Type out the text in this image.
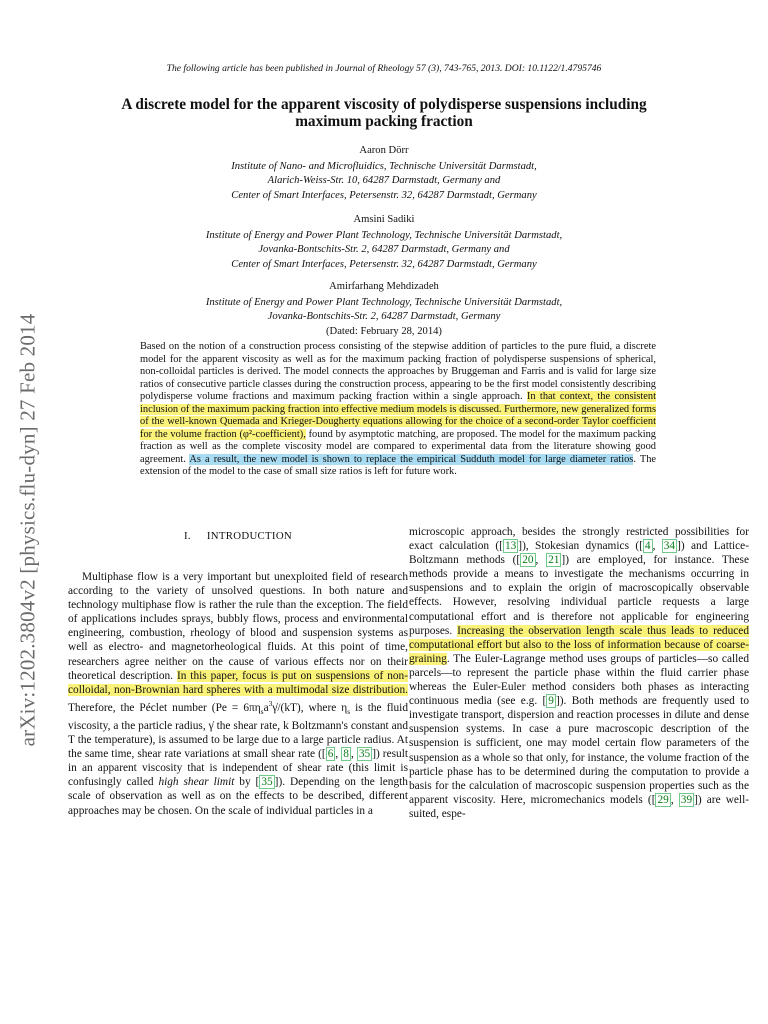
arXiv:1202.3804v2 [physics.flu-dyn] 27 Feb 2014
The following article has been published in Journal of Rheology 57 (3), 743-765, 2013. DOI: 10.1122/1.4795746
A discrete model for the apparent viscosity of polydisperse suspensions including
maximum packing fraction
Aaron Dörr
Institute of Nano- and Microfluidics, Technische Universität Darmstadt,
Alarich-Weiss-Str. 10, 64287 Darmstadt, Germany and
Center of Smart Interfaces, Petersenstr. 32, 64287 Darmstadt, Germany
Amsini Sadiki
Institute of Energy and Power Plant Technology, Technische Universität Darmstadt,
Jovanka-Bontschits-Str. 2, 64287 Darmstadt, Germany and
Center of Smart Interfaces, Petersenstr. 32, 64287 Darmstadt, Germany
Amirfarhang Mehdizadeh
Institute of Energy and Power Plant Technology, Technische Universität Darmstadt,
Jovanka-Bontschits-Str. 2, 64287 Darmstadt, Germany
(Dated: February 28, 2014)
Based on the notion of a construction process consisting of the stepwise addition of particles to the pure fluid, a discrete model for the apparent viscosity as well as for the maximum packing fraction of polydisperse suspensions of spherical, non-colloidal particles is derived. The model connects the approaches by Bruggeman and Farris and is valid for large size ratios of consecutive particle classes during the construction process, appearing to be the first model consistently describing polydisperse volume fractions and maximum packing fraction within a single approach. In that context, the consistent inclusion of the maximum packing fraction into effective medium models is discussed. Furthermore, new generalized forms of the well-known Quemada and Krieger-Dougherty equations allowing for the choice of a second-order Taylor coefficient for the volume fraction (φ²-coefficient), found by asymptotic matching, are proposed. The model for the maximum packing fraction as well as the complete viscosity model are compared to experimental data from the literature showing good agreement. As a result, the new model is shown to replace the empirical Sudduth model for large diameter ratios. The extension of the model to the case of small size ratios is left for future work.
I. INTRODUCTION

Multiphase flow is a very important but unexploited field of research according to the variety of unsolved questions. In both nature and technology multiphase flow is rather the rule than the exception. The field of applications includes sprays, bubbly flows, process and environmental engineering, combustion, rheology of blood and suspension systems as well as electro- and magnetorheological fluids. At this point of time, researchers agree neither on the cause of various effects nor on their theoretical description. In this paper, focus is put on suspensions of non-colloidal, non-Brownian hard spheres with a multimodal size distribution. Therefore, the Péclet number ($Pe = 6\pi\eta_sa^3\gammȧ/(kT)$, where $\eta_s$ is the fluid viscosity, a the particle radius, γ̇ the shear rate, k Boltzmann's constant and T the temperature), is assumed to be large due to a large particle radius. At the same time, shear rate variations at small shear rate ([ 6 , 8 , 35 ]) result in an apparent viscosity that is independent of shear rate (this limit is confusingly called high shear limit by [ 35 ]). Depending on the length scale of observation as well as on the effects to be described, different approaches may be chosen. On the scale of individual particles in a

microscopic approach, besides the strongly restricted possibilities for exact calculation ([ 13 ]), Stokesian dynamics ([ 4 , 34 ]) and Lattice-Boltzmann methods ([ 20 , 21 ]) are employed, for instance. These methods provide a means to investigate the mechanisms occurring in suspensions and to explain the origin of macroscopically observable effects. However, resolving individual particle requests a large computational effort and is therefore not applicable for engineering purposes. Increasing the observation length scale thus leads to reduced computational effort but also to the loss of information because of coarse-graining. The Euler-Lagrange method uses groups of particles—so called parcels—to represent the particle phase within the fluid carrier phase whereas the Euler-Euler method considers both phases as interacting continuous media (see e.g. [ 9 ]). Both methods are frequently used to investigate transport, dispersion and reaction processes in dilute and dense suspension systems. In case a pure macroscopic description of the suspension is sufficient, one may model certain flow parameters of the suspension as a whole so that only, for instance, the volume fraction of the particle phase has to be determined during the computation to provide a basis for the calculation of macroscopic suspension properties such as the apparent viscosity. Here, micromechanics models ([ 29 , 39 ]) are well-suited, espe-
